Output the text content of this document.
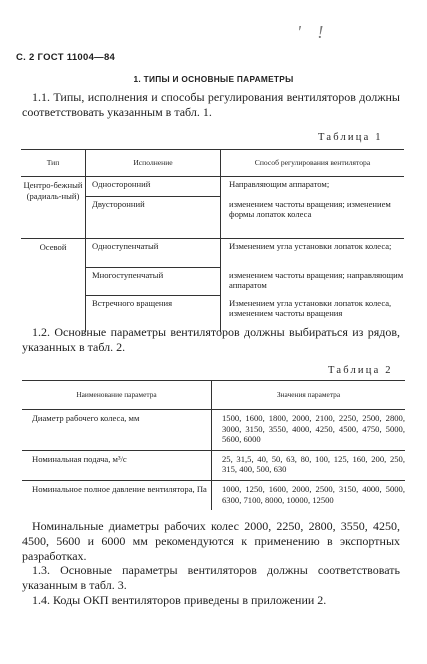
С. 2 ГОСТ 11004—84
' !
1. ТИПЫ И ОСНОВНЫЕ ПАРАМЕТРЫ

1.1. Типы, исполнения и способы регулирования вентиляторов должны соответствовать указанным в табл. 1.

Таблица 1
Тип	Исполнение	Способ регулирования вентилятора
Центро-бежный (радиаль-ный)	Односторонний	Направляющим аппаратом;
	Двусторонний	изменением частоты вращения; изменением формы лопаток колеса
Осевой	Одноступенчатый	Изменением угла установки лопаток колеса;
	Многоступенчатый	изменением частоты вращения; направляющим аппаратом
	Встречного вращения	Изменением угла установки лопаток колеса, изменением частоты вращения

1.2. Основные параметры вентиляторов должны выбираться из рядов, указанных в табл. 2.

Таблица 2
Наименование параметра	Значения параметра
Диаметр рабочего колеса, мм	1500, 1600, 1800, 2000, 2100, 2250, 2500, 2800, 3000, 3150, 3550, 4000, 4250, 4500, 4750, 5000, 5600, 6000
Номинальная подача, м³/с	25, 31,5, 40, 50, 63, 80, 100, 125, 160, 200, 250, 315, 400, 500, 630
Номинальное полное давление вентилятора, Па	1000, 1250, 1600, 2000, 2500, 3150, 4000, 5000, 6300, 7100, 8000, 10000, 12500

Номинальные диаметры рабочих колес 2000, 2250, 2800, 3550, 4250, 4500, 5600 и 6000 мм рекомендуются к применению в экспортных разработках.

1.3. Основные параметры вентиляторов должны соответствовать указанным в табл. 3.

1.4. Коды ОКП вентиляторов приведены в приложении 2.
